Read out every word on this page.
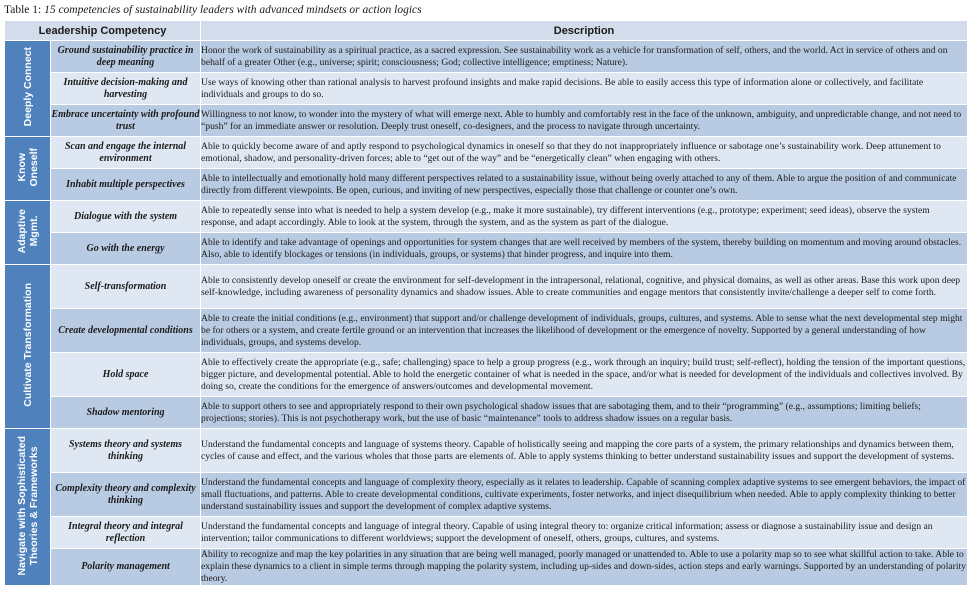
Table 1: 15 competencies of sustainability leaders with advanced mindsets or action logics
Leadership Competency		Description

Deeply Connect	Ground sustainability practice in deep meaning	Honor the work of sustainability as a spiritual practice, as a sacred expression. See sustainability work as a vehicle for transformation of self, others, and the world. Act in service of others and on behalf of a greater Other (e.g., universe; spirit; consciousness; God; collective intelligence; emptiness; Nature).
	Intuitive decision-making and harvesting	Use ways of knowing other than rational analysis to harvest profound insights and make rapid decisions. Be able to easily access this type of information alone or collectively, and facilitate individuals and groups to do so.
	Embrace uncertainty with profound trust	Willingness to not know, to wonder into the mystery of what will emerge next. Able to humbly and comfortably rest in the face of the unknown, ambiguity, and unpredictable change, and not need to “push” for an immediate answer or resolution. Deeply trust oneself, co-designers, and the process to navigate through uncertainty.

Know Oneself	Scan and engage the internal environment	Able to quickly become aware of and aptly respond to psychological dynamics in oneself so that they do not inappropriately influence or sabotage one’s sustainability work. Deep attunement to emotional, shadow, and personality-driven forces; able to “get out of the way” and be “energetically clean” when engaging with others.
	Inhabit multiple perspectives	Able to intellectually and emotionally hold many different perspectives related to a sustainability issue, without being overly attached to any of them. Able to argue the position of and communicate directly from different viewpoints. Be open, curious, and inviting of new perspectives, especially those that challenge or counter one’s own.

Adaptive Mgmt.	Dialogue with the system	Able to repeatedly sense into what is needed to help a system develop (e.g., make it more sustainable), try different interventions (e.g., prototype; experiment; seed ideas), observe the system response, and adapt accordingly. Able to look at the system, through the system, and as the system as part of the dialogue.
	Go with the energy	Able to identify and take advantage of openings and opportunities for system changes that are well received by members of the system, thereby building on momentum and moving around obstacles. Also, able to identify blockages or tensions (in individuals, groups, or systems) that hinder progress, and inquire into them.

Cultivate Transformation	Self-transformation	Able to consistently develop oneself or create the environment for self-development in the intrapersonal, relational, cognitive, and physical domains, as well as other areas. Base this work upon deep self-knowledge, including awareness of personality dynamics and shadow issues. Able to create communities and engage mentors that consistently invite/challenge a deeper self to come forth.
	Create developmental conditions	Able to create the initial conditions (e.g., environment) that support and/or challenge development of individuals, groups, cultures, and systems. Able to sense what the next developmental step might be for others or a system, and create fertile ground or an intervention that increases the likelihood of development or the emergence of novelty. Supported by a general understanding of how individuals, groups, and systems develop.
	Hold space	Able to effectively create the appropriate (e.g., safe; challenging) space to help a group progress (e.g., work through an inquiry; build trust; self-reflect), holding the tension of the important questions, bigger picture, and developmental potential. Able to hold the energetic container of what is needed in the space, and/or what is needed for development of the individuals and collectives involved. By doing so, create the conditions for the emergence of answers/outcomes and developmental movement.
	Shadow mentoring	Able to support others to see and appropriately respond to their own psychological shadow issues that are sabotaging them, and to their “programming” (e.g., assumptions; limiting beliefs; projections; stories). This is not psychotherapy work, but the use of basic “maintenance” tools to address shadow issues on a regular basis.

Navigate with Sophisticated Theories & Frameworks	Systems theory and systems thinking	Understand the fundamental concepts and language of systems theory. Capable of holistically seeing and mapping the core parts of a system, the primary relationships and dynamics between them, cycles of cause and effect, and the various wholes that those parts are elements of. Able to apply systems thinking to better understand sustainability issues and support the development of systems.
	Complexity theory and complexity thinking	Understand the fundamental concepts and language of complexity theory, especially as it relates to leadership. Capable of scanning complex adaptive systems to see emergent behaviors, the impact of small fluctuations, and patterns. Able to create developmental conditions, cultivate experiments, foster networks, and inject disequilibrium when needed. Able to apply complexity thinking to better understand sustainability issues and support the development of complex adaptive systems.
	Integral theory and integral reflection	Understand the fundamental concepts and language of integral theory. Capable of using integral theory to: organize critical information; assess or diagnose a sustainability issue and design an intervention; tailor communications to different worldviews; support the development of oneself, others, groups, cultures, and systems.
	Polarity management	Ability to recognize and map the key polarities in any situation that are being well managed, poorly managed or unattended to. Able to use a polarity map so to see what skillful action to take. Able to explain these dynamics to a client in simple terms through mapping the polarity system, including up-sides and down-sides, action steps and early warnings. Supported by an understanding of polarity theory.
